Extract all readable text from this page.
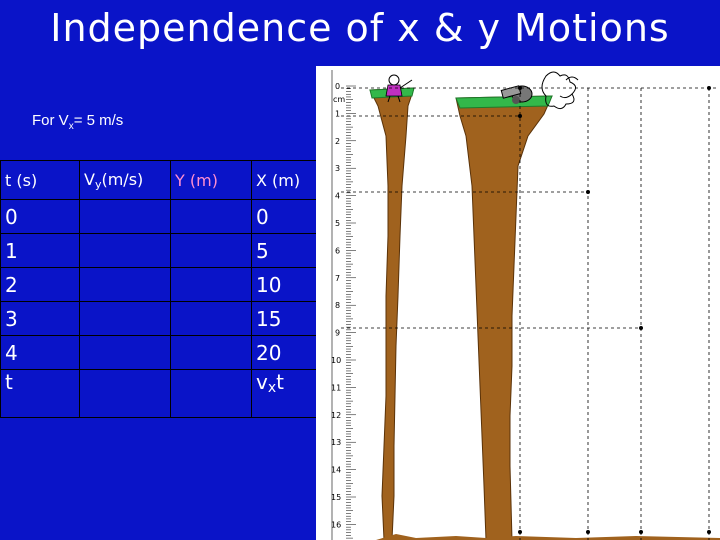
Independence of x & y Motions
For $V_x= 5$ m/s
t (s)	$V_y(m/s)$	Y (m)	X (m)
0			0
1			5
2			10
3			15
4			20
t			$v_xt$
cm
0
1
2
3
4
5
6
7
8
9
10
11
12
13
14
15
16
